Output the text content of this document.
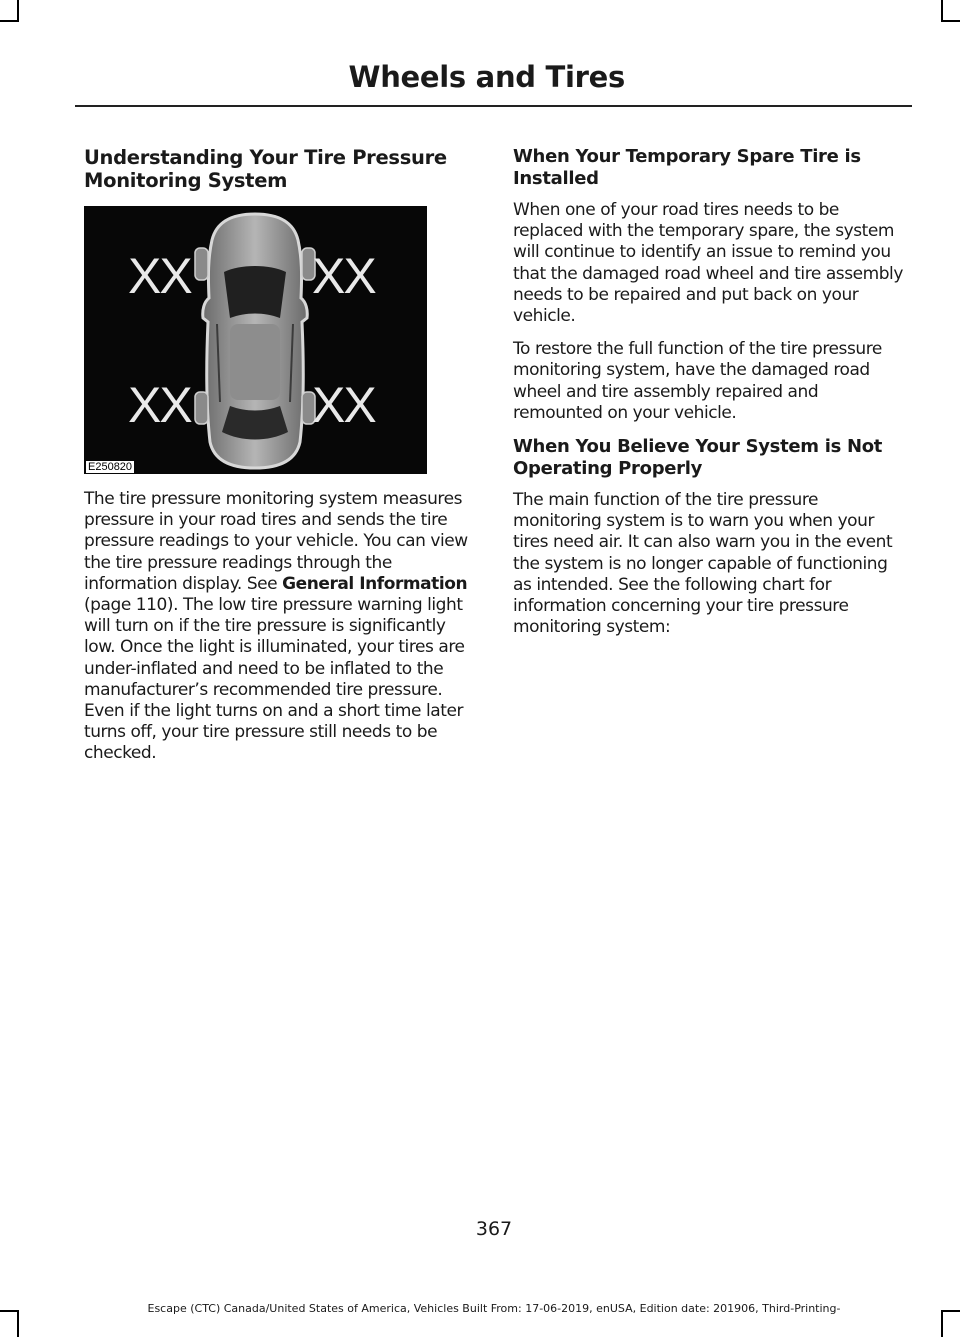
Wheels and Tires
Understanding Your Tire Pressure Monitoring System
XX XX
XX XX
E250820
The tire pressure monitoring system measures pressure in your road tires and sends the tire pressure readings to your vehicle. You can view the tire pressure readings through the information display. See General Information (page 110). The low tire pressure warning light will turn on if the tire pressure is significantly low. Once the light is illuminated, your tires are under-inflated and need to be inflated to the manufacturer’s recommended tire pressure. Even if the light turns on and a short time later turns off, your tire pressure still needs to be checked.
When Your Temporary Spare Tire is Installed
When one of your road tires needs to be replaced with the temporary spare, the system will continue to identify an issue to remind you that the damaged road wheel and tire assembly needs to be repaired and put back on your vehicle.
To restore the full function of the tire pressure monitoring system, have the damaged road wheel and tire assembly repaired and remounted on your vehicle.
When You Believe Your System is Not Operating Properly
The main function of the tire pressure monitoring system is to warn you when your tires need air. It can also warn you in the event the system is no longer capable of functioning as intended. See the following chart for information concerning your tire pressure monitoring system:
367
Escape (CTC) Canada/United States of America, Vehicles Built From: 17-06-2019, enUSA, Edition date: 201906, Third-Printing-
